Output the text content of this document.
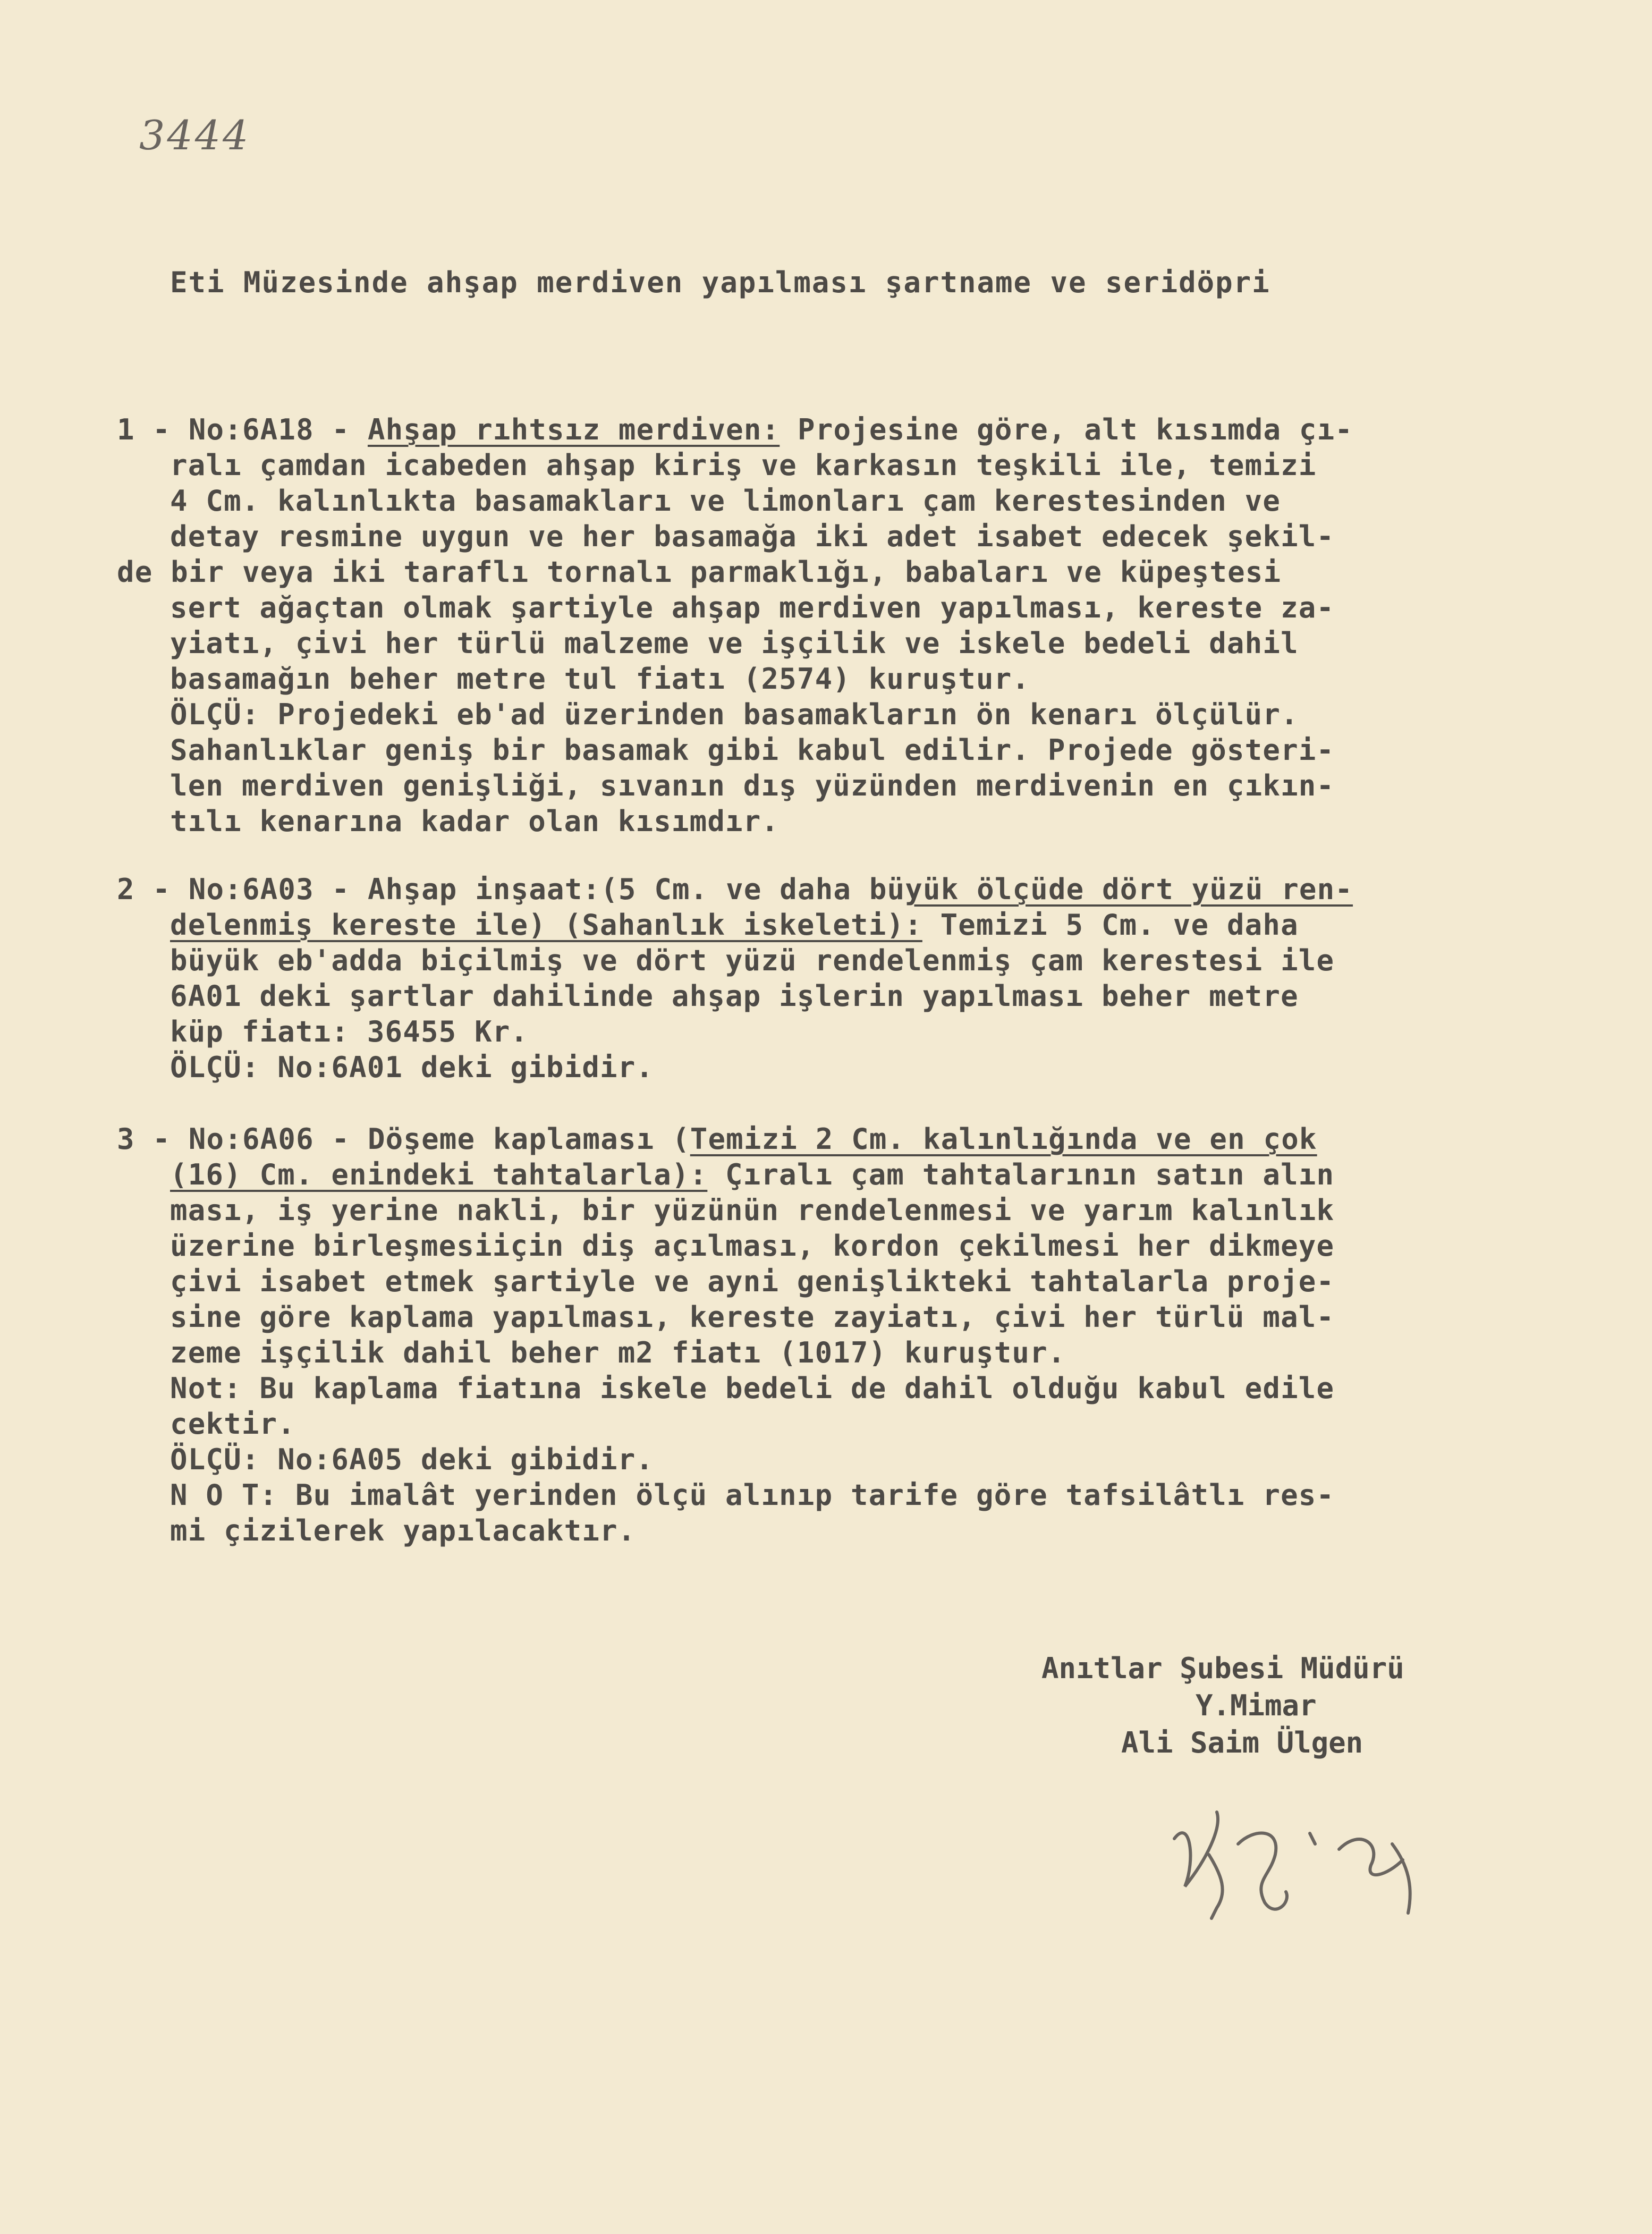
3444
Eti Müzesinde ahşap merdiven yapılması şartname ve seridöpri
1 - No:6A18 - Ahşap rıhtsız merdiven: Projesine göre, alt kısımda çı-
ralı çamdan icabeden ahşap kiriş ve karkasın teşkili ile, temizi
4 Cm. kalınlıkta basamakları ve limonları çam kerestesinden ve
detay resmine uygun ve her basamağa iki adet isabet edecek şekil-
de bir veya iki taraflı tornalı parmaklığı, babaları ve küpeştesi
sert ağaçtan olmak şartiyle ahşap merdiven yapılması, kereste za-
yiatı, çivi her türlü malzeme ve işçilik ve iskele bedeli dahil
basamağın beher metre tul fiatı (2574) kuruştur.
ÖLÇÜ: Projedeki eb'ad üzerinden basamakların ön kenarı ölçülür.
Sahanlıklar geniş bir basamak gibi kabul edilir. Projede gösteri-
len merdiven genişliği, sıvanın dış yüzünden merdivenin en çıkın-
tılı kenarına kadar olan kısımdır.
2 - No:6A03 - Ahşap inşaat:(5 Cm. ve daha büyük ölçüde dört yüzü ren-
delenmiş kereste ile) (Sahanlık iskeleti): Temizi 5 Cm. ve daha
büyük eb'adda biçilmiş ve dört yüzü rendelenmiş çam kerestesi ile
6A01 deki şartlar dahilinde ahşap işlerin yapılması beher metre
küp fiatı: 36455 Kr.
ÖLÇÜ: No:6A01 deki gibidir.
3 - No:6A06 - Döşeme kaplaması (Temizi 2 Cm. kalınlığında ve en çok
(16) Cm. enindeki tahtalarla): Çıralı çam tahtalarının satın alın
ması, iş yerine nakli, bir yüzünün rendelenmesi ve yarım kalınlık
üzerine birleşmesiiçin diş açılması, kordon çekilmesi her dikmeye
çivi isabet etmek şartiyle ve ayni genişlikteki tahtalarla proje-
sine göre kaplama yapılması, kereste zayiatı, çivi her türlü mal-
zeme işçilik dahil beher m2 fiatı (1017) kuruştur.
Not: Bu kaplama fiatına iskele bedeli de dahil olduğu kabul edile
cektir.
ÖLÇÜ: No:6A05 deki gibidir.
N O T: Bu imalât yerinden ölçü alınıp tarife göre tafsilâtlı res-
mi çizilerek yapılacaktır.
Anıtlar Şubesi Müdürü
Y.Mimar
Ali Saim Ülgen
